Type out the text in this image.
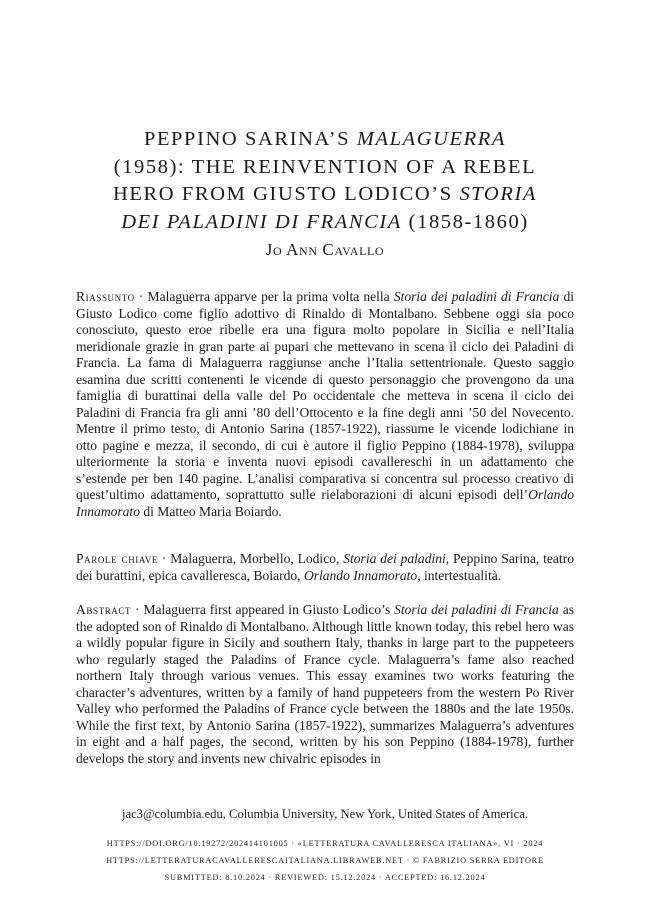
PEPPINO SARINA’S MALAGUERRA
(1958): THE REINVENTION OF A REBEL
HERO FROM GIUSTO LODICO’S STORIA
DEI PALADINI DI FRANCIA (1858-1860)
Jo Ann Cavallo

Riassunto · Malaguerra apparve per la prima volta nella Storia dei paladini di Francia di Giusto Lodico come figlio adottivo di Rinaldo di Montalbano. Sebbene oggi sia poco conosciuto, questo eroe ribelle era una figura molto popolare in Sicilia e nell’Italia meridionale grazie in gran parte ai pupari che mettevano in scena il ciclo dei Paladini di Francia. La fama di Malaguerra raggiunse anche l’Italia settentrionale. Questo saggio esamina due scritti contenenti le vicende di questo personaggio che provengono da una famiglia di burattinai della valle del Po occidentale che metteva in scena il ciclo dei Paladini di Francia fra gli anni ’80 dell’Ottocento e la fine degli anni ’50 del Novecento. Mentre il primo testo, di Antonio Sarina (1857-1922), riassume le vicende lodichiane in otto pagine e mezza, il secondo, di cui è autore il figlio Peppino (1884-1978), sviluppa ulteriormente la storia e inventa nuovi episodi cavallereschi in un adattamento che s’estende per ben 140 pagine. L’analisi comparativa si concentra sul processo creativo di quest’ultimo adattamento, soprattutto sulle rielaborazioni di alcuni episodi dell’Orlando Innamorato di Matteo Maria Boiardo.

Parole chiave · Malaguerra, Morbello, Lodico, Storia dei paladini, Peppino Sarina, teatro dei burattini, epica cavalleresca, Boiardo, Orlando Innamorato, intertestualità.

Abstract · Malaguerra first appeared in Giusto Lodico’s Storia dei paladini di Francia as the adopted son of Rinaldo di Montalbano. Although little known today, this rebel hero was a wildly popular figure in Sicily and southern Italy, thanks in large part to the puppeteers who regularly staged the Paladins of France cycle. Malaguerra’s fame also reached northern Italy through various venues. This essay examines two works featuring the character’s adventures, written by a family of hand puppeteers from the western Po River Valley who performed the Paladins of France cycle between the 1880s and the late 1950s. While the first text, by Antonio Sarina (1857-1922), summarizes Malaguerra’s adventures in eight and a half pages, the second, written by his son Peppino (1884-1978), further develops the story and invents new chivalric episodes in

jac3@columbia.edu, Columbia University, New York, United States of America.
HTTPS://DOI.ORG/10.19272/202414101005 · «LETTERATURA CAVALLERESCA ITALIANA», VI · 2024
HTTPS://LETTERATURACAVALLERESCAITALIANA.LIBRAWEB.NET · © FABRIZIO SERRA EDITORE
SUBMITTED: 8.10.2024 · REVIEWED: 15.12.2024 · ACCEPTED: 16.12.2024
